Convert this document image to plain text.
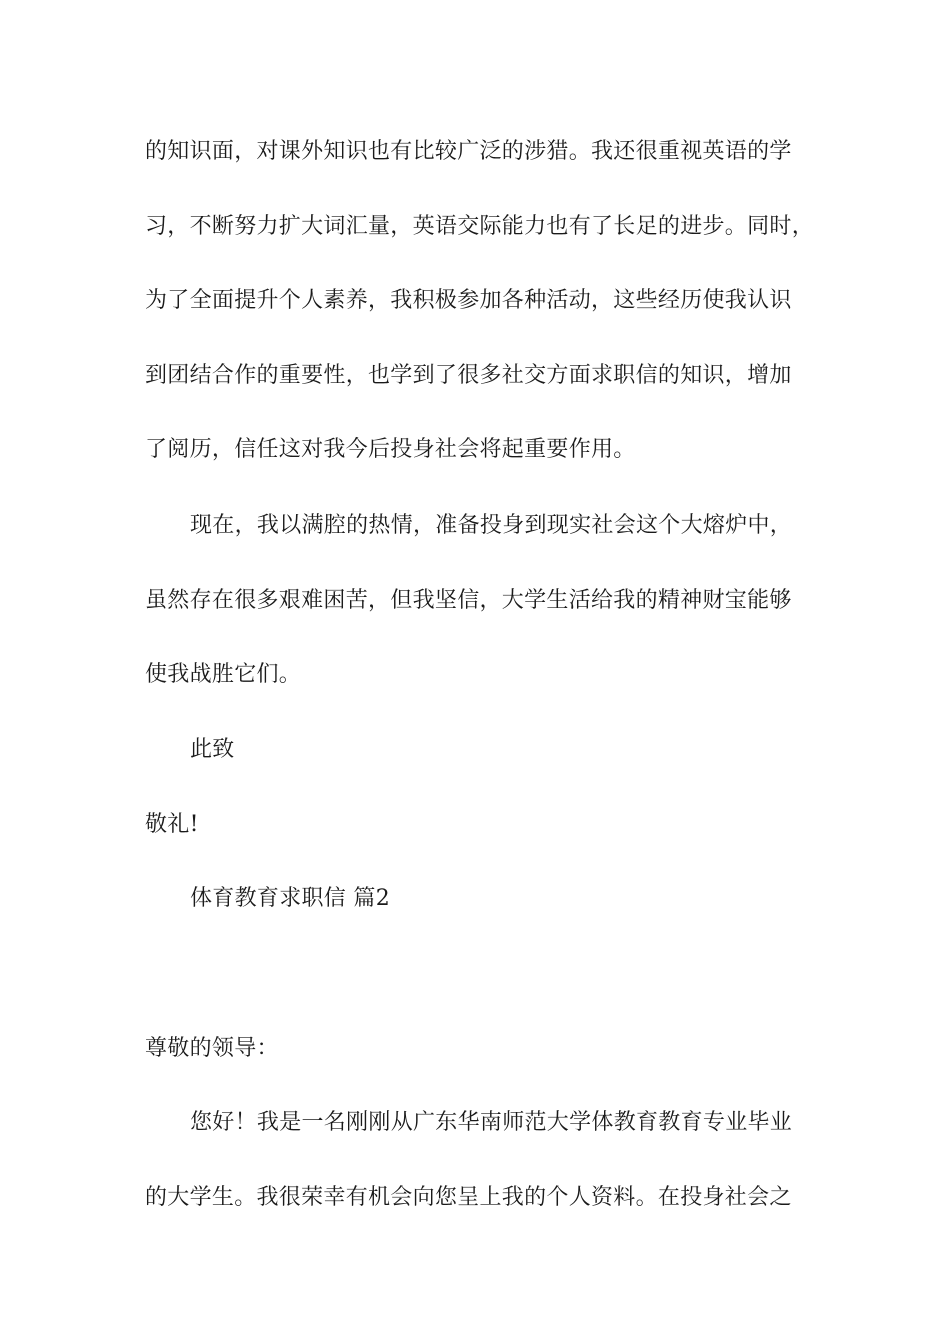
的知识面，对课外知识也有比较广泛的涉猎。我还很重视英语的学
习，不断努力扩大词汇量，英语交际能力也有了长足的进步。同时，
为了全面提升个人素养，我积极参加各种活动，这些经历使我认识
到团结合作的重要性，也学到了很多社交方面求职信的知识，增加
了阅历，信任这对我今后投身社会将起重要作用。
现在，我以满腔的热情，准备投身到现实社会这个大熔炉中，
虽然存在很多艰难困苦，但我坚信，大学生活给我的精神财宝能够
使我战胜它们。
此致
敬礼!
体育教育求职信 篇2
尊敬的领导：
您好！我是一名刚刚从广东华南师范大学体教育教育专业毕业
的大学生。我很荣幸有机会向您呈上我的个人资料。在投身社会之
